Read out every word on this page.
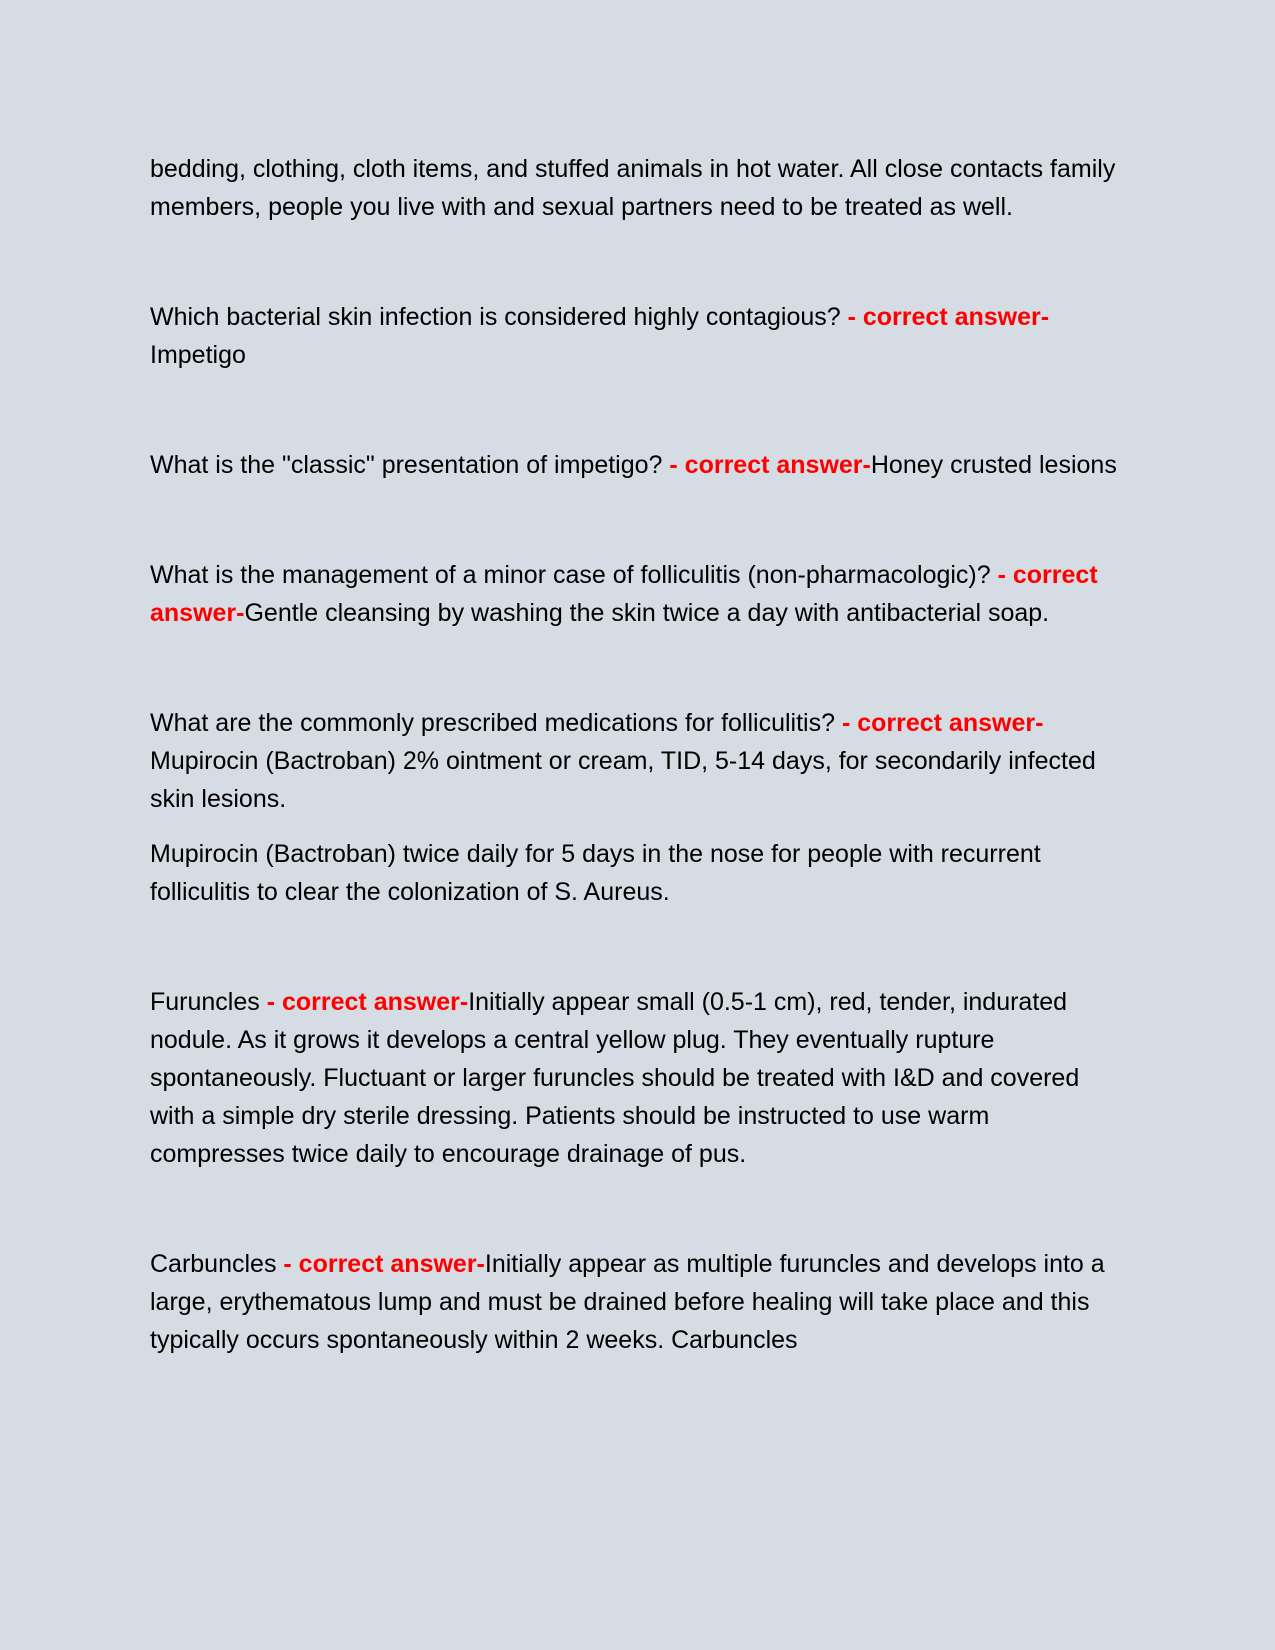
bedding, clothing, cloth items, and stuffed animals in hot water. All close contacts family members, people you live with and sexual partners need to be treated as well.

Which bacterial skin infection is considered highly contagious? - correct answer-Impetigo

What is the "classic" presentation of impetigo? - correct answer-Honey crusted lesions

What is the management of a minor case of folliculitis (non-pharmacologic)? - correct answer-Gentle cleansing by washing the skin twice a day with antibacterial soap.

What are the commonly prescribed medications for folliculitis? - correct answer-Mupirocin (Bactroban) 2% ointment or cream, TID, 5-14 days, for secondarily infected skin lesions.

Mupirocin (Bactroban) twice daily for 5 days in the nose for people with recurrent folliculitis to clear the colonization of S. Aureus.

Furuncles - correct answer-Initially appear small (0.5-1 cm), red, tender, indurated nodule. As it grows it develops a central yellow plug. They eventually rupture spontaneously. Fluctuant or larger furuncles should be treated with I&D and covered with a simple dry sterile dressing. Patients should be instructed to use warm compresses twice daily to encourage drainage of pus.

Carbuncles - correct answer-Initially appear as multiple furuncles and develops into a large, erythematous lump and must be drained before healing will take place and this typically occurs spontaneously within 2 weeks. Carbuncles
